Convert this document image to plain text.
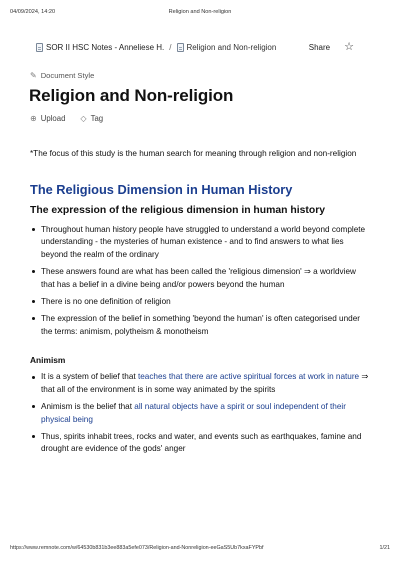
04/09/2024, 14:20	Religion and Non-religion
SOR II HSC Notes - Anneliese H. / Religion and Non-religion	Share ☆
✎ Document Style
Religion and Non-religion
⊕ Upload ◇ Tag

*The focus of this study is the human search for meaning through religion and non-religion

The Religious Dimension in Human History
The expression of the religious dimension in human history
Throughout human history people have struggled to understand a world beyond complete understanding - the mysteries of human existence - and to find answers to what lies beyond the realm of the ordinary
These answers found are what has been called the 'religious dimension' ⇒ a worldview that has a belief in a divine being and/or powers beyond the human
There is no one definition of religion
The expression of the belief in something 'beyond the human' is often categorised under the terms: animism, polytheism & monotheism
Animism
It is a system of belief that teaches that there are active spiritual forces at work in nature ⇒ that all of the environment is in some way animated by the spirits
Animism is the belief that all natural objects have a spirit or soul independent of their physical being
Thus, spirits inhabit trees, rocks and water, and events such as earthquakes, famine and drought are evidence of the gods' anger
https://www.remnote.com/w/64530b831b3ee883a5efe073/Religion-and-Nonreligion-eeGaS5Ub7kxaFYPbf	1/21
